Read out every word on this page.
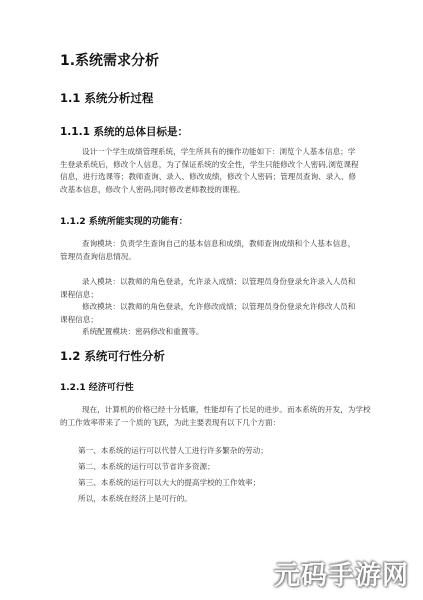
1.系统需求分析
1.1 系统分析过程
1.1.1 系统的总体目标是：

设计一个学生成绩管理系统，学生所具有的操作功能如下：浏览个人基本信息；学生登录系统后，修改个人信息，为了保证系统的安全性，学生只能修改个人密码,浏览课程信息，进行选课等；教师查询、录入、修改成绩，修改个人密码；管理员查询、录入、修改基本信息，修改个人密码,同时修改老师教授的课程。

1.1.2 系统所能实现的功能有：

查询模块：负责学生查询自己的基本信息和成绩，教师查询成绩和个人基本信息，管理员查询信息情况。

录入模块：以教师的角色登录，允许录入成绩；以管理员身份登录允许录入人员和课程信息；

修改模块：以教师的角色登录，允许修改成绩；以管理员身份登录允许修改人员和课程信息；

系统配置模块：密码修改和重置等。

1.2 系统可行性分析
1.2.1 经济可行性

现在，计算机的价格已经十分低廉，性能却有了长足的进步。而本系统的开发，为学校的工作效率带来了一个质的飞跃，为此主要表现有以下几个方面：

第一、本系统的运行可以代替人工进行许多繁杂的劳动；
第二、本系统的运行可以节省许多资源；
第三、本系统的运行可以大大的提高学校的工作效率；
所以，本系统在经济上是可行的。
元码手游网
